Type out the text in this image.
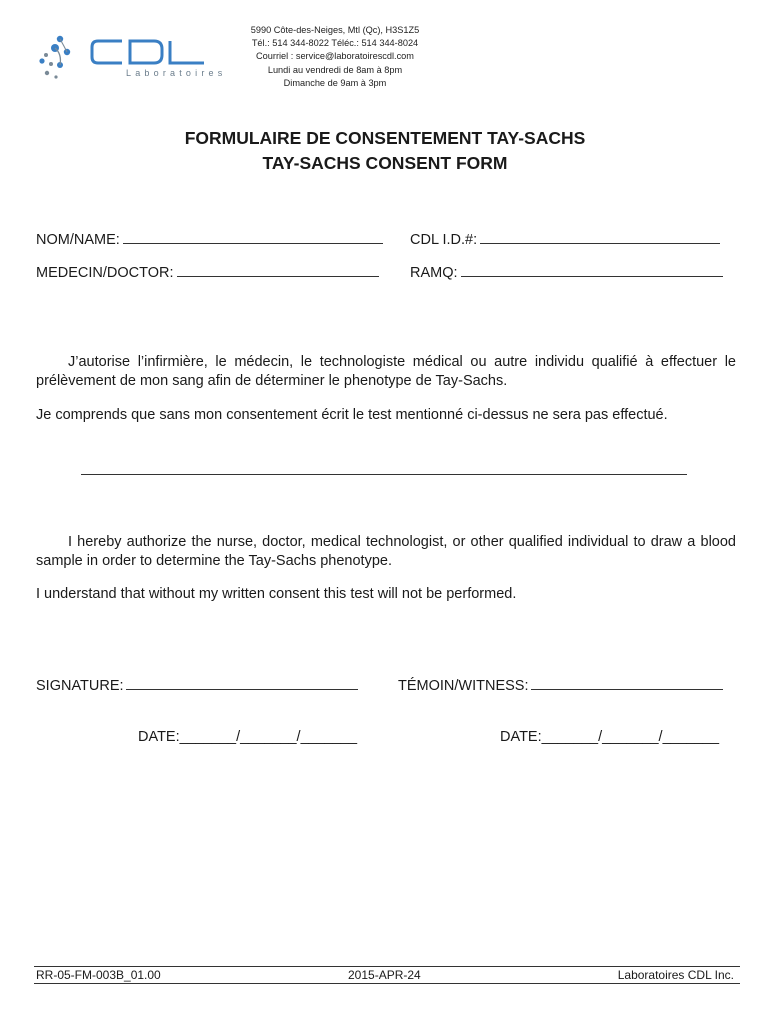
Laboratoires
5990 Côte-des-Neiges, Mtl (Qc), H3S1Z5
Tél.: 514 344-8022 Téléc.: 514 344-8024
Courriel : service@laboratoirescdl.com
Lundi au vendredi de 8am à 8pm
Dimanche de 9am à 3pm
FORMULAIRE DE CONSENTEMENT TAY-SACHS
TAY-SACHS CONSENT FORM
NOM/NAME:	CDL I.D.#:
MEDECIN/DOCTOR:	RAMQ:
J’autorise l’infirmière, le médecin, le technologiste médical ou autre individu qualifié à effectuer le prélèvement de mon sang afin de déterminer le phenotype de Tay-Sachs.
Je comprends que sans mon consentement écrit le test mentionné ci-dessus ne sera pas effectué.
I hereby authorize the nurse, doctor, medical technologist, or other qualified individual to draw a blood sample in order to determine the Tay-Sachs phenotype.
I understand that without my written consent this test will not be performed.
SIGNATURE:	TÉMOIN/WITNESS:
DATE:_______/_______/_______	DATE:_______/_______/_______
RR-05-FM-003B_01.00	2015-APR-24	Laboratoires CDL Inc.
